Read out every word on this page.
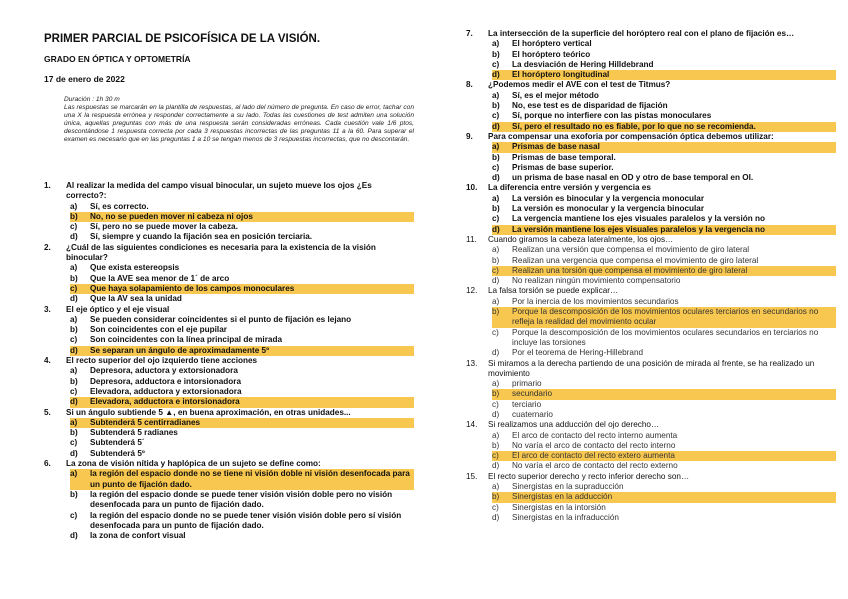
PRIMER PARCIAL DE PSICOFÍSICA DE LA VISIÓN.
GRADO EN ÓPTICA Y OPTOMETRÍA
17 de enero de 2022

Duración : 1h 30 m

Las respuestas se marcarán en la plantilla de respuestas, al lado del número de pregunta. En caso de error, tachar con una X la respuesta errónea y responder correctamente a su lado. Todas las cuestiones de test admiten una solución única, aquellas preguntas con más de una respuesta serán consideradas erróneas. Cada cuestión vale 1/6 ptos, descontándose 1 respuesta correcta por cada 3 respuestas incorrectas de las preguntas 11 a la 60. Para superar el examen es necesario que en las preguntas 1 a 10 se tengan menos de 3 respuestas incorrectas, que no descontarán.

1.	Al realizar la medida del campo visual binocular, un sujeto mueve los ojos ¿Es correcto?:
a)	Sí, es correcto.
b)	No, no se pueden mover ni cabeza ni ojos
c)	Sí, pero no se puede mover la cabeza.
d)	Sí, siempre y cuando la fijación sea en posición terciaria.
2.	¿Cuál de las siguientes condiciones es necesaria para la existencia de la visión binocular?
a)	Que exista estereopsis
b)	Que la AVE sea menor de 1´ de arco
c)	Que haya solapamiento de los campos monoculares
d)	Que la AV sea la unidad
3.	El eje óptico y el eje visual
a)	Se pueden considerar coincidentes si el punto de fijación es lejano
b)	Son coincidentes con el eje pupilar
c)	Son coincidentes con la línea principal de mirada
d)	Se separan un ángulo de aproximadamente 5º
4.	El recto superior del ojo izquierdo tiene acciones
a)	Depresora, aductora y extorsionadora
b)	Depresora, adductora e intorsionadora
c)	Elevadora, adductora y extorsionadora
d)	Elevadora, adductora e intorsionadora
5.	Si un ángulo subtiende 5 ▲, en buena aproximación, en otras unidades...
a)	Subtenderá 5 centirradianes
b)	Subtenderá 5 radianes
c)	Subtenderá 5´
d)	Subtenderá 5º
6.	La zona de visión nítida y haplópica de un sujeto se define como:
a)	la región del espacio donde no se tiene ni visión doble ni visión desenfocada para un punto de fijación dado.
b)	la región del espacio donde se puede tener visión visión doble pero no visión desenfocada para un punto de fijación dado.
c)	la región del espacio donde no se puede tener visión visión doble pero sí visión desenfocada para un punto de fijación dado.
d)	la zona de confort visual
7.	La intersección de la superficie del horóptero real con el plano de fijación es…
a)	El horóptero vertical
b)	El horóptero teórico
c)	La desviación de Hering Hilldebrand
d)	El horóptero longitudinal
8.	¿Podemos medir el AVE con el test de Titmus?
a)	Sí, es el mejor método
b)	No, ese test es de disparidad de fijación
c)	Sí, porque no interfiere con las pistas monoculares
d)	Sí, pero el resultado no es fiable, por lo que no se recomienda.
9.	Para compensar una exoforia por compensación óptica debemos utilizar:
a)	Prismas de base nasal
b)	Prismas de base temporal.
c)	Prismas de base superior.
d)	un prisma de base nasal en OD y otro de base temporal en OI.
10.	La diferencia entre versión y vergencia es
a)	La versión es binocular y la vergencia monocular
b)	La versión es monocular y la vergencia binocular
c)	La vergencia mantiene los ejes visuales paralelos y la versión no
d)	La versión mantiene los ejes visuales paralelos y la vergencia no
11.	Cuando giramos la cabeza lateralmente, los ojos…
a)	Realizan una versión que compensa el movimiento de giro lateral
b)	Realizan una vergencia que compensa el movimiento de giro lateral
c)	Realizan una torsión que compensa el movimiento de giro lateral
d)	No realizan ningún movimiento compensatorio
12.	La falsa torsión se puede explicar…
a)	Por la inercia de los movimientos secundarios
b)	Porque la descomposición de los movimientos oculares terciarios en secundarios no refleja la realidad del movimiento ocular
c)	Porque la descomposición de los movimientos oculares secundarios en terciarios no incluye las torsiones
d)	Por el teorema de Hering-Hillebrand
13.	Si miramos a la derecha partiendo de una posición de mirada al frente, se ha realizado un movimiento
a)	primario
b)	secundario
c)	terciario
d)	cuaternario
14.	Si realizamos una adducción del ojo derecho…
a)	El arco de contacto del recto interno aumenta
b)	No varía el arco de contacto del recto interno
c)	El arco de contacto del recto extero aumenta
d)	No varía el arco de contacto del recto externo
15.	El recto superior derecho y recto inferior derecho son…
a)	Sinergistas en la supraducción
b)	Sinergistas en la adducción
c)	Sinergistas en la intorsión
d)	Sinergistas en la infraducción
